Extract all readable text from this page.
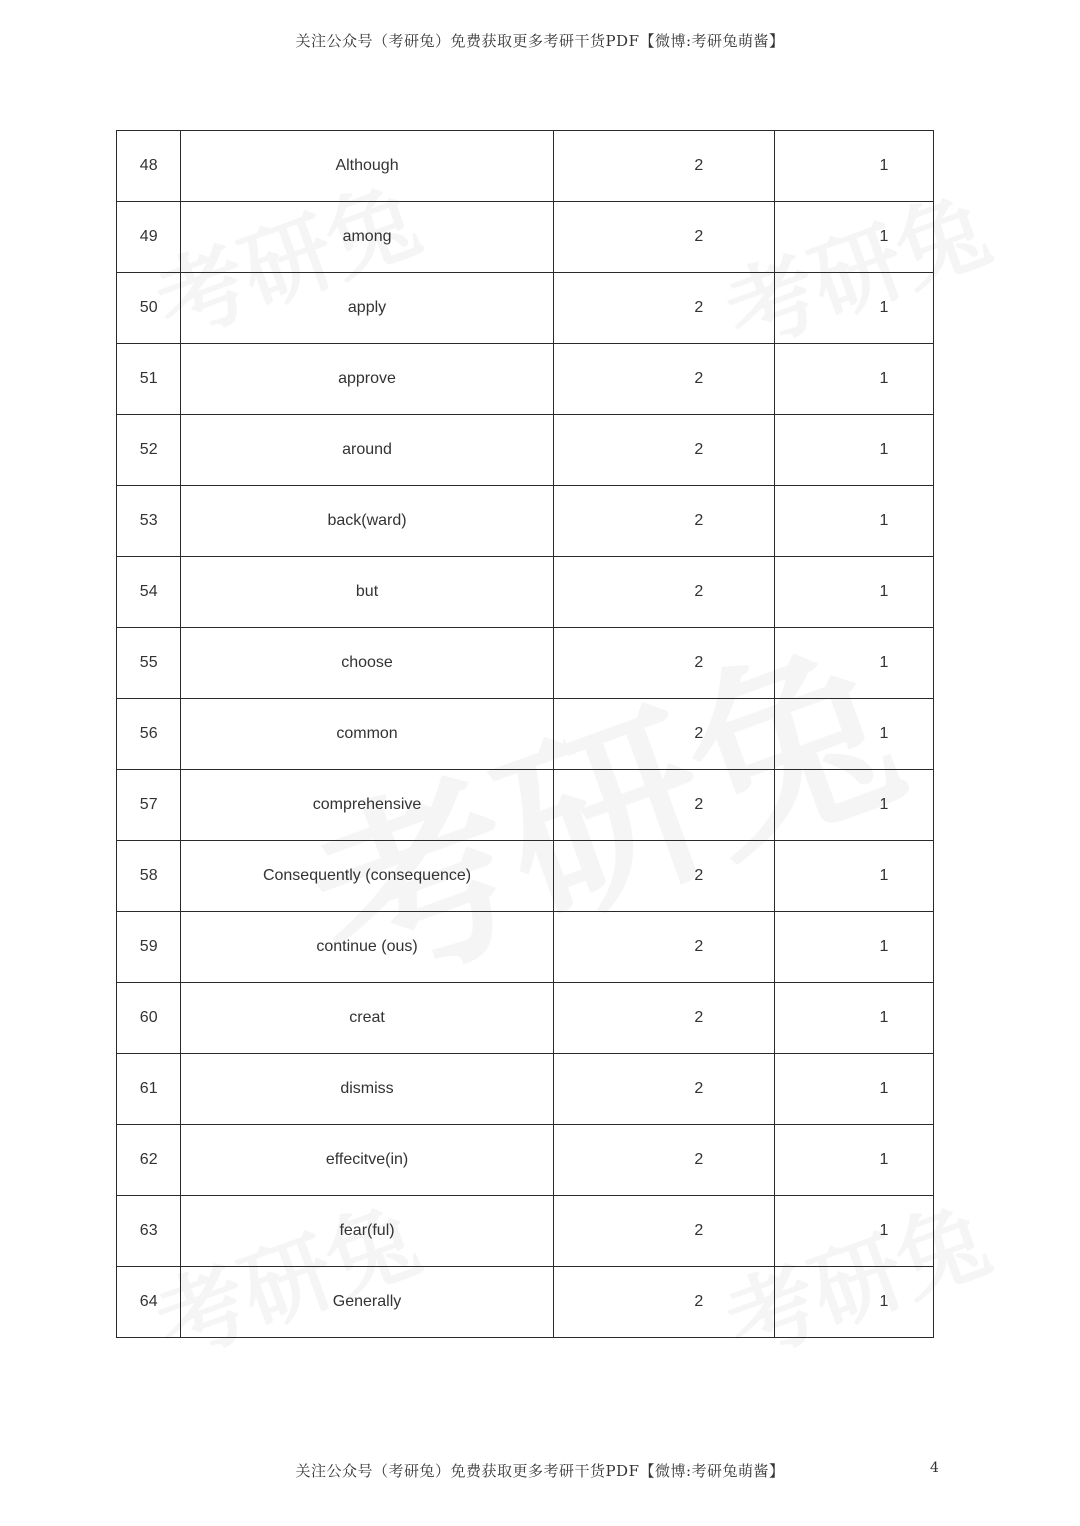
关注公众号（考研兔）免费获取更多考研干货PDF【微博:考研兔萌酱】
48	Although	2	1
49	among	2	1
50	apply	2	1
51	approve	2	1
52	around	2	1
53	back(ward)	2	1
54	but	2	1
55	choose	2	1
56	common	2	1
57	comprehensive	2	1
58	Consequently (consequence)	2	1
59	continue (ous)	2	1
60	creat	2	1
61	dismiss	2	1
62	effecitve(in)	2	1
63	fear(ful)	2	1
64	Generally	2	1
关注公众号（考研兔）免费获取更多考研干货PDF【微博:考研兔萌酱】	4
